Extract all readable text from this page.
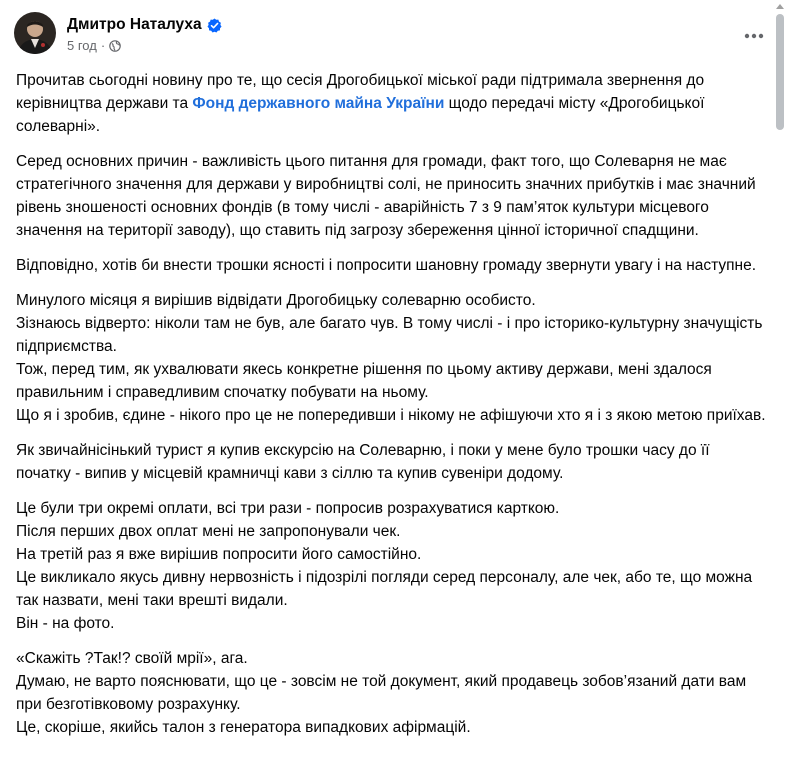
Дмитро Наталуха
5 год ·

Прочитав сьогодні новину про те, що сесія Дрогобицької міської ради підтримала звернення до керівництва держави та Фонд державного майна України щодо передачі місту «Дрогобицької солеварні».

Серед основних причин - важливість цього питання для громади, факт того, що Солеварня не має стратегічного значення для держави у виробництві солі, не приносить значних прибутків і має значний рівень зношеності основних фондів (в тому числі - аварійність 7 з 9 пам’яток культури місцевого значення на території заводу), що ставить під загрозу збереження цінної історичної спадщини.

Відповідно, хотів би внести трошки ясності і попросити шановну громаду звернути увагу і на наступне.

Минулого місяця я вирішив відвідати Дрогобицьку солеварню особисто.
Зізнаюсь відверто: ніколи там не був, але багато чув. В тому числі - і про історико-культурну значущість підприємства.
Тож, перед тим, як ухвалювати якесь конкретне рішення по цьому активу держави, мені здалося правильним і справедливим спочатку побувати на ньому.
Що я і зробив, єдине - нікого про це не попередивши і нікому не афішуючи хто я і з якою метою приїхав.

Як звичайнісінький турист я купив екскурсію на Солеварню, і поки у мене було трошки часу до її початку - випив у місцевій крамничці кави з сіллю та купив сувеніри додому.

Це були три окремі оплати, всі три рази - попросив розрахуватися карткою.
Після перших двох оплат мені не запропонували чек.
На третій раз я вже вирішив попросити його самостійно.
Це викликало якусь дивну нервозність і підозрілі погляди серед персоналу, але чек, або те, що можна так назвати, мені таки врешті видали.
Він - на фото.

«Скажіть ?Так!? своїй мрії», ага.
Думаю, не варто пояснювати, що це - зовсім не той документ, який продавець зобов’язаний дати вам при безготівковому розрахунку.
Це, скоріше, якийсь талон з генератора випадкових афірмацій.
